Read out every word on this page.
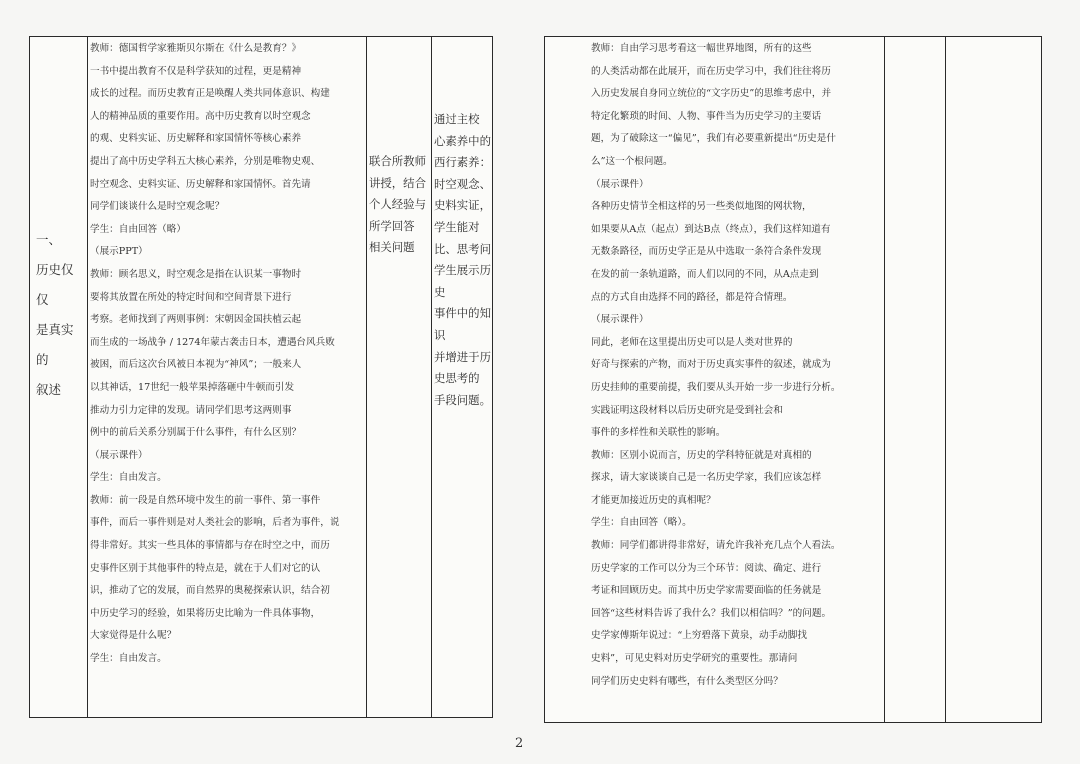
一、
历史仅仅
是真实的
叙述

教师：德国哲学家雅斯贝尔斯在《什么是教育？》
一书中提出教育不仅是科学获知的过程，更是精神
成长的过程。而历史教育正是唤醒人类共同体意识、构建
人的精神品质的重要作用。高中历史教育以时空观念
的观、史料实证、历史解释和家国情怀等核心素养
提出了高中历史学科五大核心素养，分别是唯物史观、
时空观念、史料实证、历史解释和家国情怀。首先请
同学们谈谈什么是时空观念呢？
学生：自由回答（略）
（展示PPT）
教师：顾名思义，时空观念是指在认识某一事物时
要将其放置在所处的特定时间和空间背景下进行
考察。老师找到了两则事例：宋朝因金国扶植云起
而生成的一场战争 / 1274年蒙古袭击日本，遭遇台风兵败
被困，而后这次台风被日本视为“神风”；一般来人
以其神话，17世纪一般苹果掉落砸中牛顿而引发
推动力引力定律的发现。请同学们思考这两则事
例中的前后关系分别属于什么事件，有什么区别？
（展示课件）
学生：自由发言。
教师：前一段是自然环境中发生的前一事件、第一事件
事件，而后一事件则是对人类社会的影响，后者为事件，说
得非常好。其实一些具体的事情都与存在时空之中，而历
史事件区别于其他事件的特点是，就在于人们对它的认
识，推动了它的发展，而自然界的奥秘探索认识，结合初
中历史学习的经验，如果将历史比喻为一件具体事物，
大家觉得是什么呢？
学生：自由发言。

联合所教师
讲授，结合
个人经验与
所学回答
相关问题

通过主校
心素养中的
西行素养：
时空观念、
史料实证，
学生能对
比、思考问
学生展示历史
事件中的知识
并增进于历
史思考的
手段问题。

教师：自由学习思考看这一幅世界地图，所有的这些
的人类活动都在此展开，而在历史学习中，我们往往将历
入历史发展自身同立统位的“文字历史”的思维考虑中，并
特定化繁琐的时间、人物、事件当为历史学习的主要话
题，为了破除这一“偏见”，我们有必要重新提出“历史是什
么”这一个根问题。
（展示课件）
各种历史情节全相这样的另一些类似地图的网状物，
如果要从A点（起点）到达B点（终点），我们这样知道有
无数条路径，而历史学正是从中选取一条符合条件发现
在发的前一条轨道路，而人们以同的不同，从A点走到
点的方式自由选择不同的路径，都是符合情理。
（展示课件）
同此，老师在这里提出历史可以是人类对世界的
好奇与探索的产物，而对于历史真实事件的叙述，就成为
历史挂帅的重要前提，我们要从头开始一步一步进行分析。
实践证明这段材料以后历史研究是受到社会和
事件的多样性和关联性的影响。
教师：区别小说而言，历史的学科特征就是对真相的
探求，请大家谈谈自己是一名历史学家，我们应该怎样
才能更加接近历史的真相呢？
学生：自由回答（略）。
教师：同学们都讲得非常好，请允许我补充几点个人看法。
历史学家的工作可以分为三个环节：阅读、确定、进行
考证和回顾历史。而其中历史学家需要面临的任务就是
回答“这些材料告诉了我什么？我们以相信吗？”的问题。
史学家傅斯年说过：“上穷碧落下黄泉，动手动脚找
史料”，可见史料对历史学研究的重要性。那请问
同学们历史史料有哪些，有什么类型区分吗？

2
